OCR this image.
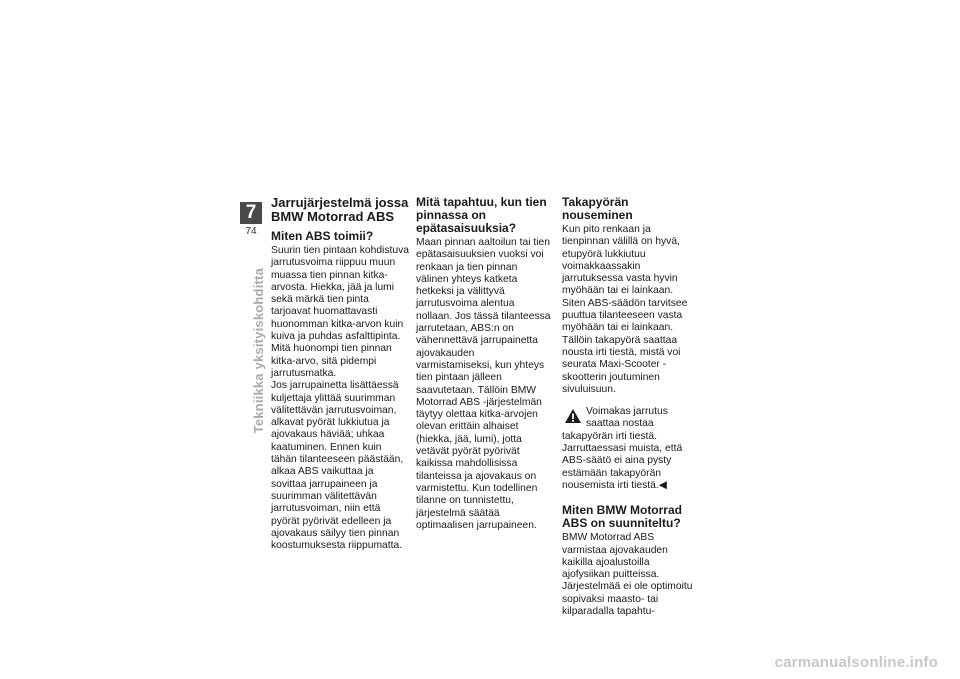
7
74
Tekniikka yksityiskohditta
Jarrujärjestelmä jossa BMW Motorrad ABS
Miten ABS toimii?

Suurin tien pintaan kohdistuva jarrutusvoima riippuu muun muassa tien pinnan kitka-arvosta. Hiekka, jää ja lumi sekä märkä tien pinta tarjoavat huomattavasti huonomman kitka-arvon kuin kuiva ja puhdas asfalttipinta. Mitä huonompi tien pinnan kitka-arvo, sitä pidempi jarrutusmatka.

Jos jarrupainetta lisättäessä kuljettaja ylittää suurimman välitettävän jarrutusvoiman, alkavat pyörät lukkiutua ja ajovakaus häviää; uhkaa kaatuminen. Ennen kuin tähän tilanteeseen päästään, alkaa ABS vaikuttaa ja sovittaa jarrupaineen ja suurimman välitettävän jarrutusvoiman, niin että pyörät pyörivät edelleen ja ajovakaus säilyy tien pinnan koostumuksesta riippumatta.

Mitä tapahtuu, kun tien pinnassa on epätasaisuuksia?

Maan pinnan aaltoilun tai tien epätasaisuuksien vuoksi voi renkaan ja tien pinnan välinen yhteys katketa hetkeksi ja välittyvä jarrutusvoima alentua nollaan. Jos tässä tilanteessa jarrutetaan, ABS:n on vähennettävä jarrupainetta ajovakauden varmistamiseksi, kun yhteys tien pintaan jälleen saavutetaan. Tällöin BMW Motorrad ABS -järjestelmän täytyy olettaa kitka-arvojen olevan erittäin alhaiset (hiekka, jää, lumi), jotta vetävät pyörät pyörivät kaikissa mahdollisissa tilanteissa ja ajovakaus on varmistettu. Kun todellinen tilanne on tunnistettu, järjestelmä säätää optimaalisen jarrupaineen.

Takapyörän nouseminen

Kun pito renkaan ja tienpinnan välillä on hyvä, etupyörä lukkiutuu voimakkaassakin jarrutuksessa vasta hyvin myöhään tai ei lainkaan. Siten ABS-säädön tarvitsee puuttua tilanteeseen vasta myöhään tai ei lainkaan. Tällöin takapyörä saattaa nousta irti tiestä, mistä voi seurata Maxi-Scooter -skootterin joutuminen sivuluisuun.

Voimakas jarrutus saattaa nostaa takapyörän irti tiestä. Jarruttaessasi muista, että ABS-säätö ei aina pysty estämään takapyörän nousemista irti tiestä.◀

Miten BMW Motorrad ABS on suunniteltu?

BMW Motorrad ABS varmistaa ajovakauden kaikilla ajoalustoilla ajofysiikan puitteissa. Järjestelmää ei ole optimoitu sopivaksi maasto- tai kilparadalla tapahtu-

carmanualsonline.info
